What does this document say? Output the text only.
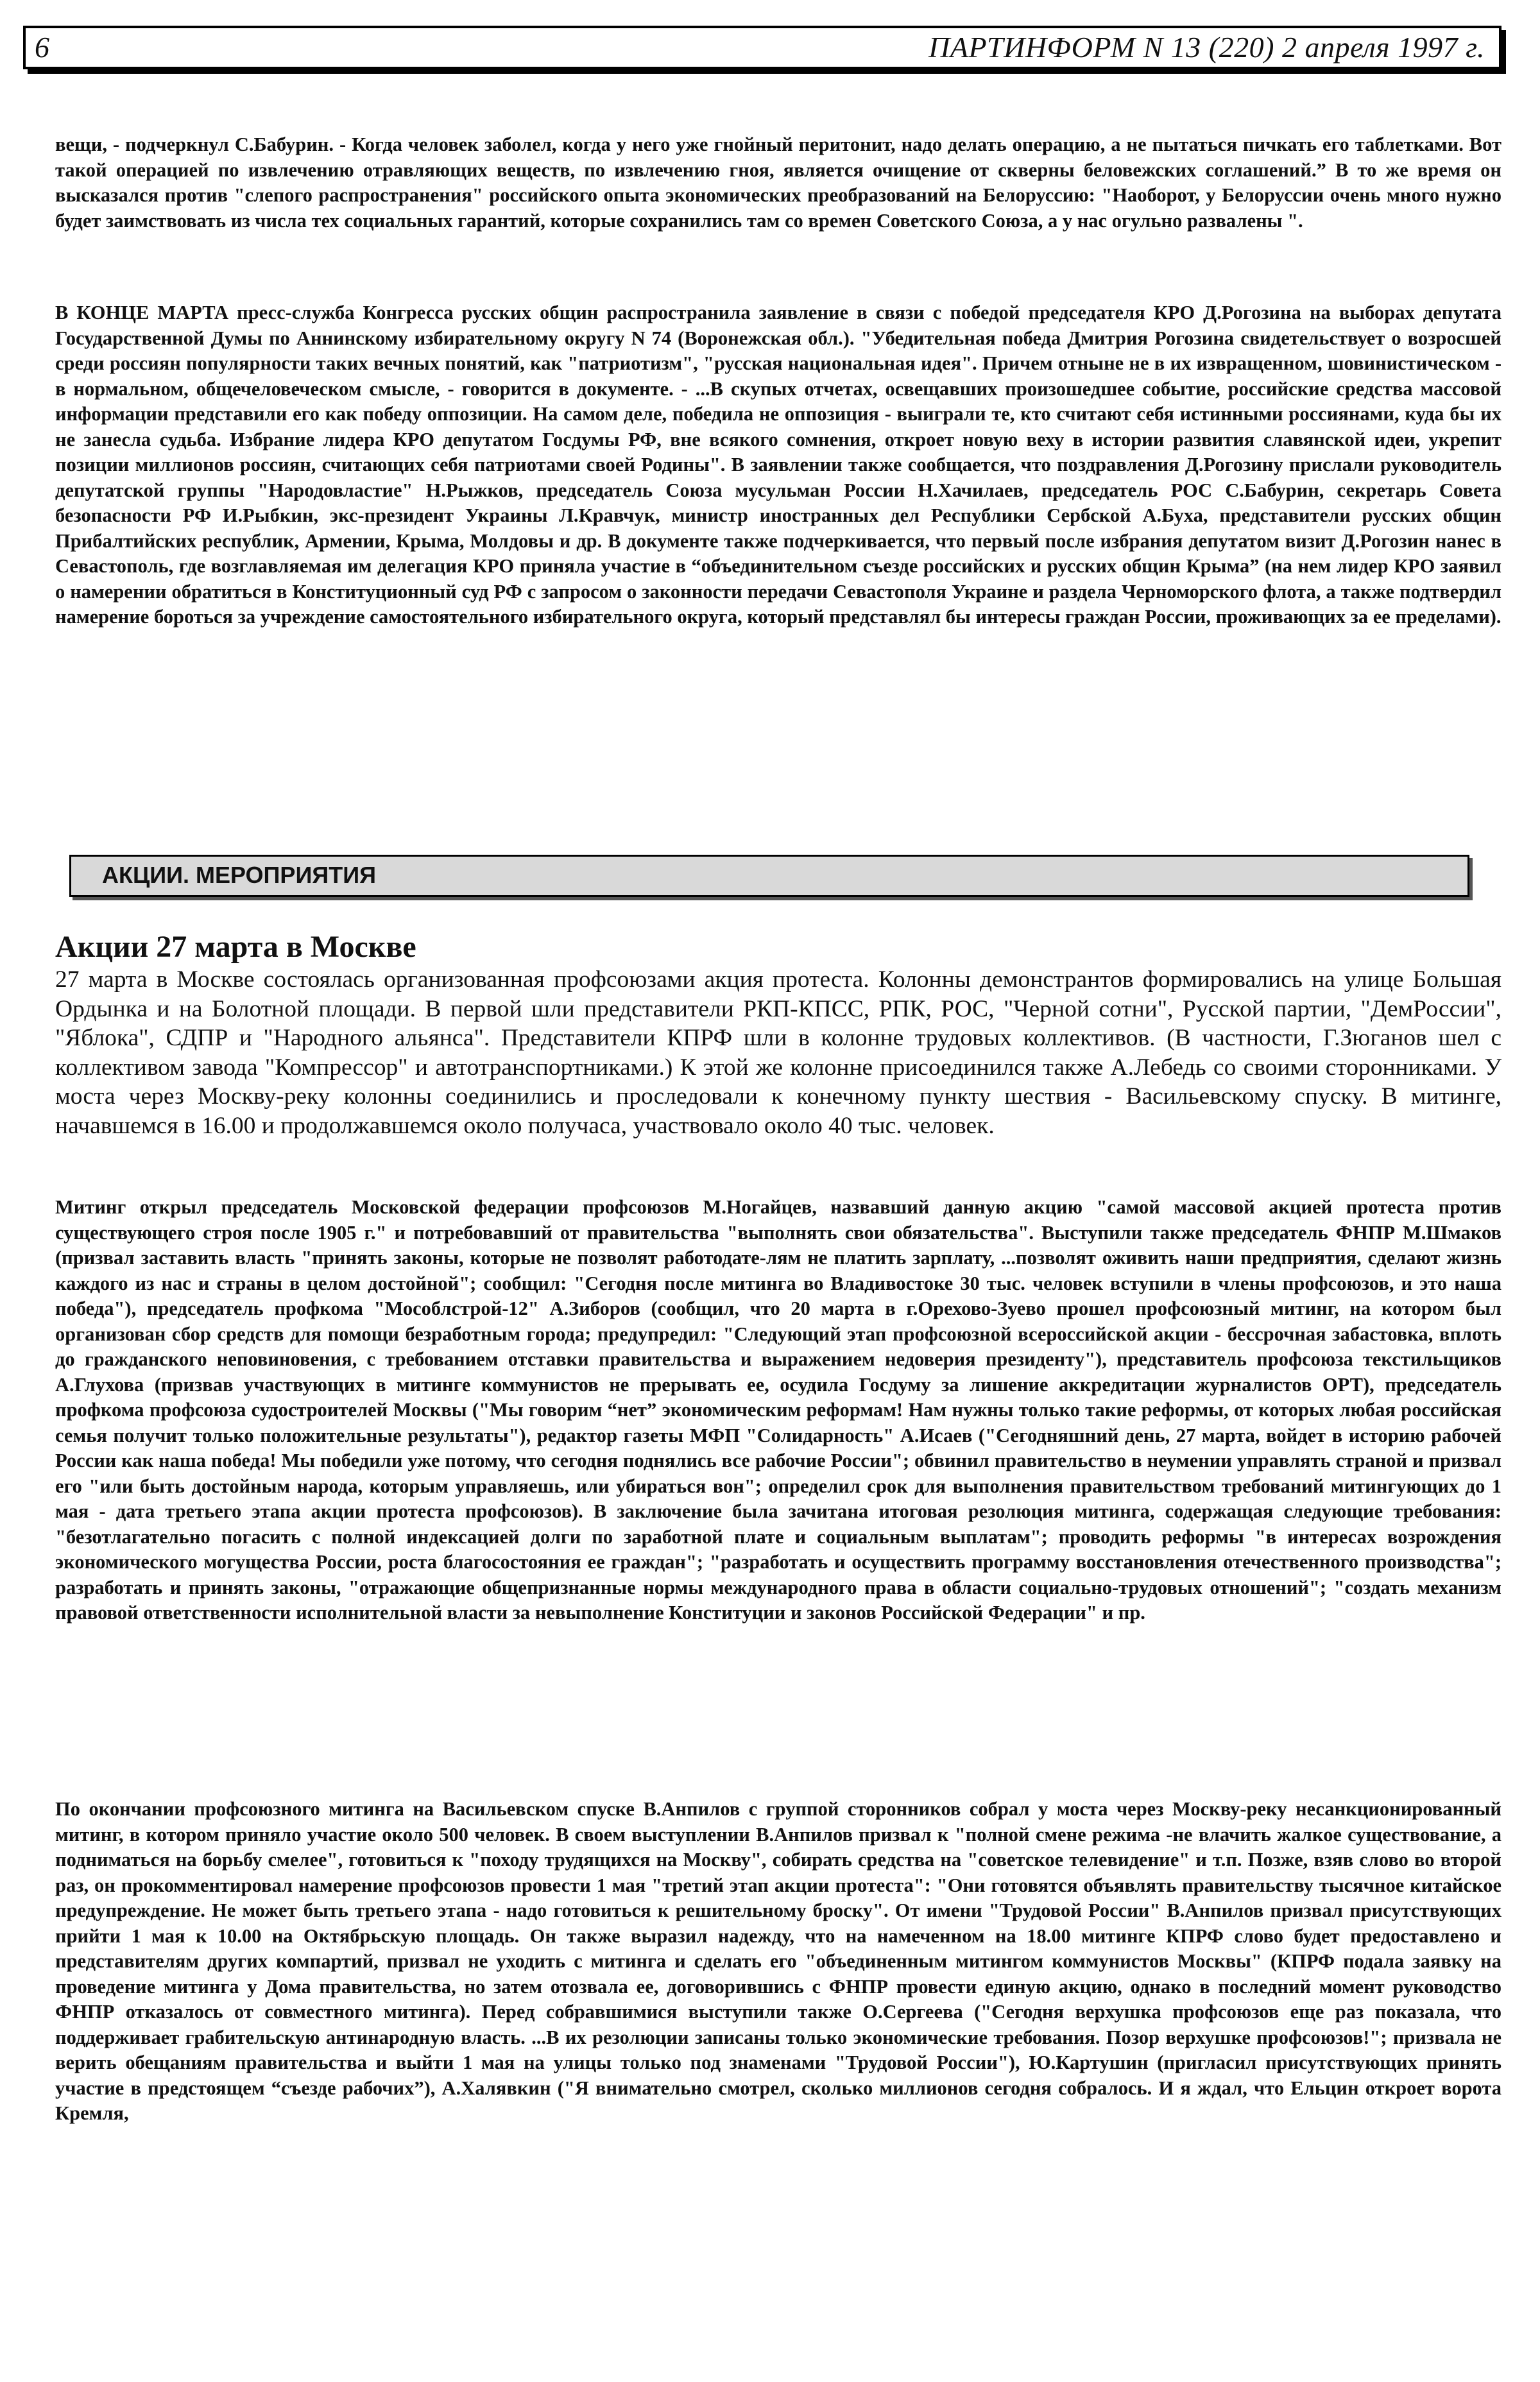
6	ПАРТИНФОРМ N 13 (220) 2 апреля 1997 г.

вещи, - подчеркнул С.Бабурин. - Когда человек заболел, когда у него уже гнойный перитонит, надо делать операцию, а не пытаться пичкать его таблетками. Вот такой операцией по извлечению отравляющих веществ, по извлечению гноя, является очищение от скверны беловежских соглашений.” В то же время он высказался против "слепого распространения" российского опыта экономических преобразований на Белоруссию: "Наоборот, у Белоруссии очень много нужно будет заимствовать из числа тех социальных гарантий, которые сохранились там со времен Советского Союза, а у нас огульно развалены ".

В КОНЦЕ МАРТА пресс-служба Конгресса русских общин распространила заявление в связи с победой председателя КРО Д.Рогозина на выборах депутата Государственной Думы по Аннинскому избирательному округу N 74 (Воронежская обл.). "Убедительная победа Дмитрия Рогозина свидетельствует о возросшей среди россиян популярности таких вечных понятий, как "патриотизм", "русская национальная идея". Причем отныне не в их извращенном, шовинистическом - в нормальном, общечеловеческом смысле, - говорится в документе. - ...В скупых отчетах, освещавших произошедшее событие, российские средства массовой информации представили его как победу оппозиции. На самом деле, победила не оппозиция - выиграли те, кто считают себя истинными россиянами, куда бы их не занесла судьба. Избрание лидера КРО депутатом Госдумы РФ, вне всякого сомнения, откроет новую веху в истории развития славянской идеи, укрепит позиции миллионов россиян, считающих себя патриотами своей Родины". В заявлении также сообщается, что поздравления Д.Рогозину прислали руководитель депутатской группы "Народовластие" Н.Рыжков, председатель Союза мусульман России Н.Хачилаев, председатель РОС С.Бабурин, секретарь Совета безопасности РФ И.Рыбкин, экс-президент Украины Л.Кравчук, министр иностранных дел Республики Сербской А.Буха, представители русских общин Прибалтийских республик, Армении, Крыма, Молдовы и др. В документе также подчеркивается, что первый после избрания депутатом визит Д.Рогозин нанес в Севастополь, где возглавляемая им делегация КРО приняла участие в “объединительном съезде российских и русских общин Крыма” (на нем лидер КРО заявил о намерении обратиться в Конституционный суд РФ с запросом о законности передачи Севастополя Украине и раздела Черноморского флота, а также подтвердил намерение бороться за учреждение самостоятельного избирательного округа, который представлял бы интересы граждан России, проживающих за ее пределами).

АКЦИИ. МЕРОПРИЯТИЯ
Акции 27 марта в Москве

27 марта в Москве состоялась организованная профсоюзами акция протеста. Колонны демонстрантов формировались на улице Большая Ордынка и на Болотной площади. В первой шли представители РКП-КПСС, РПК, РОС, "Черной сотни", Русской партии, "ДемРоссии", "Яблока", СДПР и "Народного альянса". Представители КПРФ шли в колонне трудовых коллективов. (В частности, Г.Зюганов шел с коллективом завода "Компрессор" и автотранспортниками.) К этой же колонне присоединился также А.Лебедь со своими сторонниками. У моста через Москву-реку колонны соединились и проследовали к конечному пункту шествия - Васильевскому спуску. В митинге, начавшемся в 16.00 и продолжавшемся около получаса, участвовало около 40 тыс. человек.

Митинг открыл председатель Московской федерации профсоюзов М.Ногайцев, назвавший данную акцию "самой массовой акцией протеста против существующего строя после 1905 г." и потребовавший от правительства "выполнять свои обязательства". Выступили также председатель ФНПР М.Шмаков (призвал заставить власть "принять законы, которые не позволят работодате-лям не платить зарплату, ...позволят оживить наши предприятия, сделают жизнь каждого из нас и страны в целом достойной"; сообщил: "Сегодня после митинга во Владивостоке 30 тыс. человек вступили в члены профсоюзов, и это наша победа"), председатель профкома "Мособлстрой-12" А.Зиборов (сообщил, что 20 марта в г.Орехово-Зуево прошел профсоюзный митинг, на котором был организован сбор средств для помощи безработным города; предупредил: "Следующий этап профсоюзной всероссийской акции - бессрочная забастовка, вплоть до гражданского неповиновения, с требованием отставки правительства и выражением недоверия президенту"), представитель профсоюза текстильщиков А.Глухова (призвав участвующих в митинге коммунистов не прерывать ее, осудила Госдуму за лишение аккредитации журналистов ОРТ), председатель профкома профсоюза судостроителей Москвы ("Мы говорим “нет” экономическим реформам! Нам нужны только такие реформы, от которых любая российская семья получит только положительные результаты"), редактор газеты МФП "Солидарность" А.Исаев ("Сегодняшний день, 27 марта, войдет в историю рабочей России как наша победа! Мы победили уже потому, что сегодня поднялись все рабочие России"; обвинил правительство в неумении управлять страной и призвал его "или быть достойным народа, которым управляешь, или убираться вон"; определил срок для выполнения правительством требований митингующих до 1 мая - дата третьего этапа акции протеста профсоюзов). В заключение была зачитана итоговая резолюция митинга, содержащая следующие требования: "безотлагательно погасить с полной индексацией долги по заработной плате и социальным выплатам"; проводить реформы "в интересах возрождения экономического могущества России, роста благосостояния ее граждан"; "разработать и осуществить программу восстановления отечественного производства"; разработать и принять законы, "отражающие общепризнанные нормы международного права в области социально-трудовых отношений"; "создать механизм правовой ответственности исполнительной власти за невыполнение Конституции и законов Российской Федерации" и пр.

По окончании профсоюзного митинга на Васильевском спуске В.Анпилов с группой сторонников собрал у моста через Москву-реку несанкционированный митинг, в котором приняло участие около 500 человек. В своем выступлении В.Анпилов призвал к "полной смене режима -не влачить жалкое существование, а подниматься на борьбу смелее", готовиться к "походу трудящихся на Москву", собирать средства на "советское телевидение" и т.п. Позже, взяв слово во второй раз, он прокомментировал намерение профсоюзов провести 1 мая "третий этап акции протеста": "Они готовятся объявлять правительству тысячное китайское предупреждение. Не может быть третьего этапа - надо готовиться к решительному броску". От имени "Трудовой России" В.Анпилов призвал присутствующих прийти 1 мая к 10.00 на Октябрьскую площадь. Он также выразил надежду, что на намеченном на 18.00 митинге КПРФ слово будет предоставлено и представителям других компартий, призвал не уходить с митинга и сделать его "объединенным митингом коммунистов Москвы" (КПРФ подала заявку на проведение митинга у Дома правительства, но затем отозвала ее, договорившись с ФНПР провести единую акцию, однако в последний момент руководство ФНПР отказалось от совместного митинга). Перед собравшимися выступили также О.Сергеева ("Сегодня верхушка профсоюзов еще раз показала, что поддерживает грабительскую антинародную власть. ...В их резолюции записаны только экономические требования. Позор верхушке профсоюзов!"; призвала не верить обещаниям правительства и выйти 1 мая на улицы только под знаменами "Трудовой России"), Ю.Картушин (пригласил присутствующих принять участие в предстоящем “съезде рабочих”), А.Халявкин ("Я внимательно смотрел, сколько миллионов сегодня собралось. И я ждал, что Ельцин откроет ворота Кремля,
